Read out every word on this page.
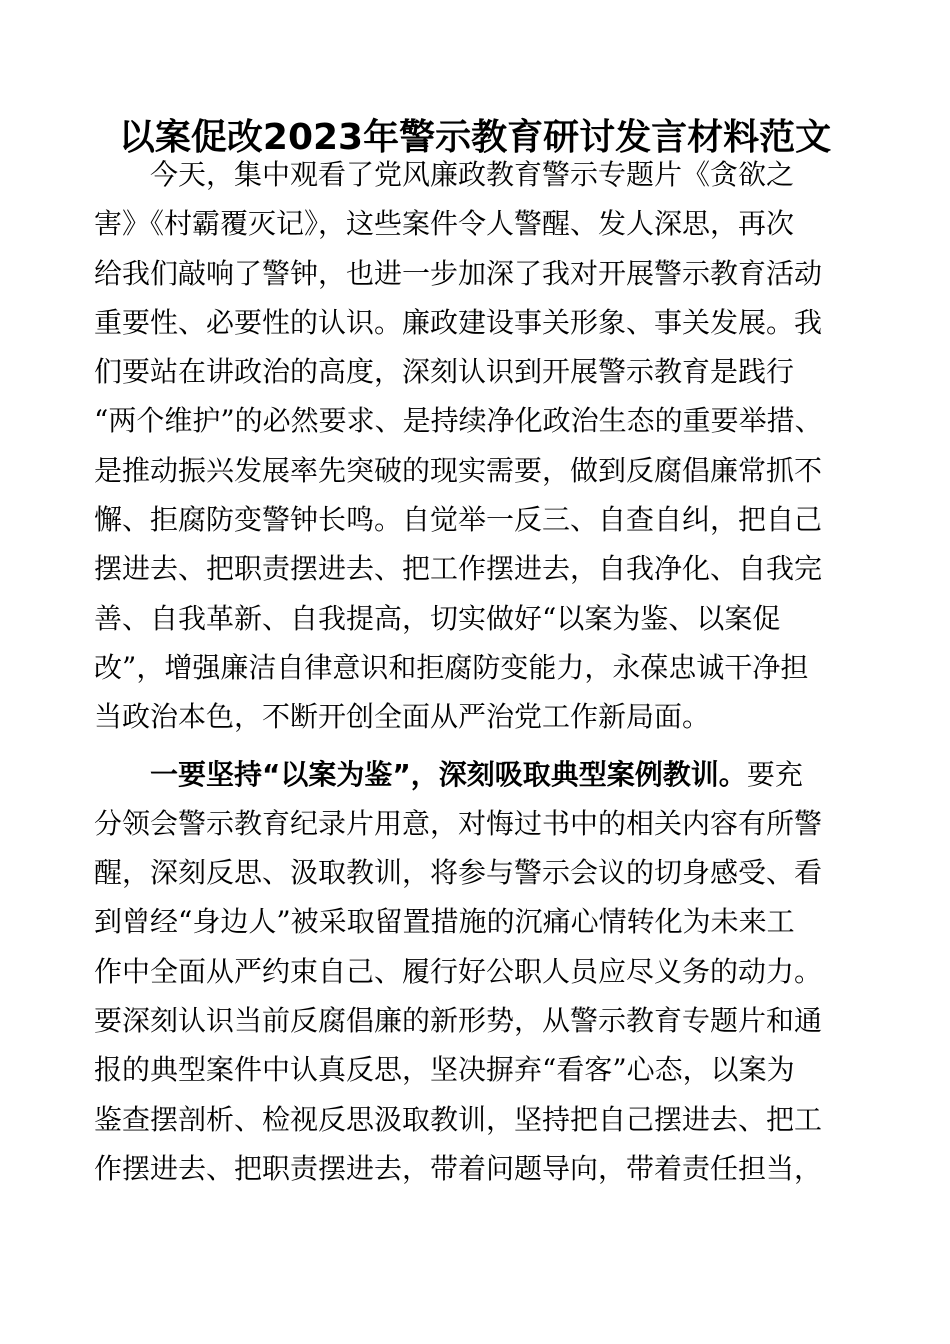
以案促改2023年警示教育研讨发言材料范文
今天，集中观看了党风廉政教育警示专题片《贪欲之
害》《村霸覆灭记》，这些案件令人警醒、发人深思，再次
给我们敲响了警钟，也进一步加深了我对开展警示教育活动
重要性、必要性的认识。廉政建设事关形象、事关发展。我
们要站在讲政治的高度，深刻认识到开展警示教育是践行
“两个维护”的必然要求、是持续净化政治生态的重要举措、
是推动振兴发展率先突破的现实需要，做到反腐倡廉常抓不
懈、拒腐防变警钟长鸣。自觉举一反三、自查自纠，把自己
摆进去、把职责摆进去、把工作摆进去，自我净化、自我完
善、自我革新、自我提高，切实做好“以案为鉴、以案促
改”，增强廉洁自律意识和拒腐防变能力，永葆忠诚干净担
当政治本色，不断开创全面从严治党工作新局面。
一要坚持“以案为鉴”，深刻吸取典型案例教训。要充
分领会警示教育纪录片用意，对悔过书中的相关内容有所警
醒，深刻反思、汲取教训，将参与警示会议的切身感受、看
到曾经“身边人”被采取留置措施的沉痛心情转化为未来工
作中全面从严约束自己、履行好公职人员应尽义务的动力。
要深刻认识当前反腐倡廉的新形势，从警示教育专题片和通
报的典型案件中认真反思，坚决摒弃“看客”心态，以案为
鉴查摆剖析、检视反思汲取教训，坚持把自己摆进去、把工
作摆进去、把职责摆进去，带着问题导向，带着责任担当，
